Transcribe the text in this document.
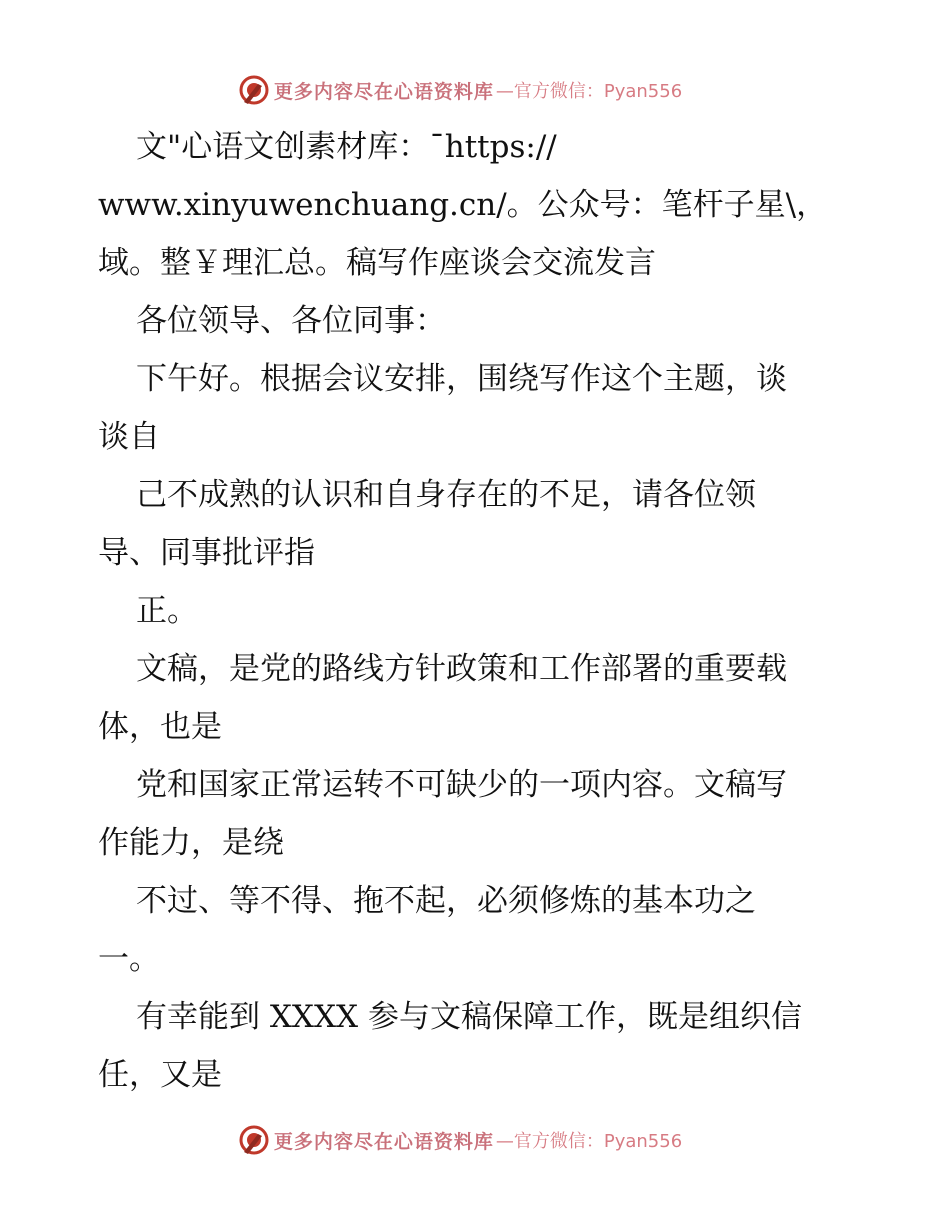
更多内容尽在心语资料库 —官方微信：Pyan556
文"心语文创素材库：¯https://
www.xinyuwenchuang.cn/。公众号：笔杆子星\，
域。整￥理汇总。稿写作座谈会交流发言
各位领导、各位同事：
下午好。根据会议安排，围绕写作这个主题，谈
谈自
己不成熟的认识和自身存在的不足，请各位领
导、同事批评指
正。
文稿，是党的路线方针政策和工作部署的重要载
体，也是
党和国家正常运转不可缺少的一项内容。文稿写
作能力，是绕
不过、等不得、拖不起，必须修炼的基本功之
一。
有幸能到 XXXX 参与文稿保障工作，既是组织信
任，又是
更多内容尽在心语资料库 —官方微信：Pyan556
